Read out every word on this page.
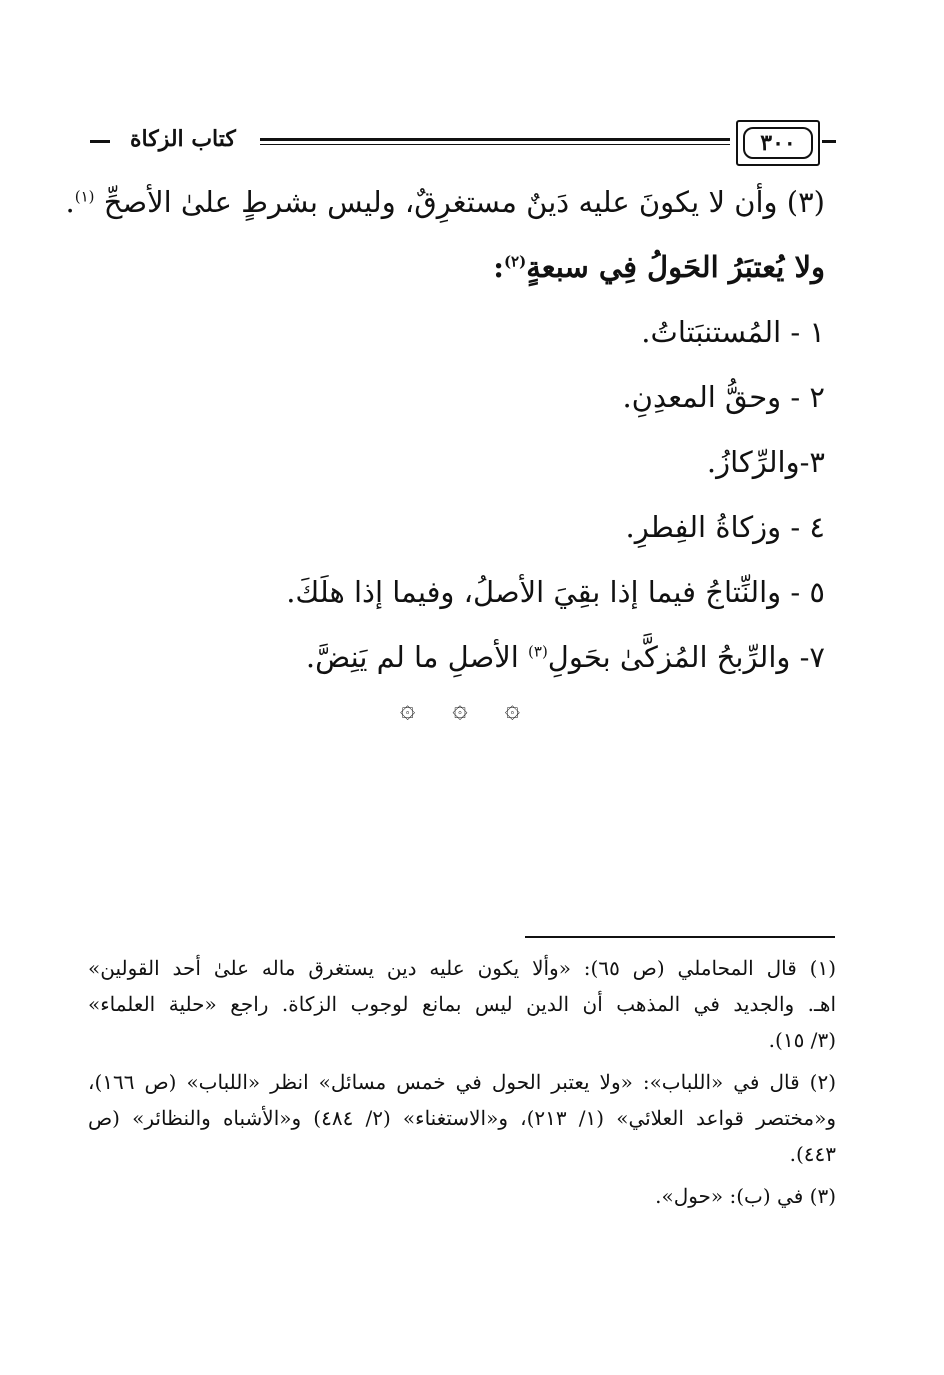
كتاب الزكاة	٣٠٠
(٣) وأن لا يكونَ عليه دَينٌ مستغرِقٌ، وليس بشرطٍ علىٰ الأصحِّ $^{(١)}$.
ولا يُعتبَرُ الحَولُ فِي سبعةٍ$^{(٢)}$:
١ - المُستنبَتاتُ.
٢ - وحقُّ المعدِنِ.
٣-والرِّكازُ.
٤ - وزكاةُ الفِطرِ.
٥ - والنِّتاجُ فيما إذا بقِيَ الأصلُ، وفيما إذا هلَكَ.
٧- والرِّبحُ المُزكَّىٰ بحَولِ$^{(٣)}$ الأصلِ ما لم يَنِضَّ.
۞ ۞ ۞
(١) قال المحاملي (ص ٦٥): «وألا يكون عليه دين يستغرق ماله علىٰ أحد القولين»
اهـ. والجديد في المذهب أن الدين ليس بمانع لوجوب الزكاة. راجع «حلية العلماء»
(٣/ ١٥).
(٢) قال في «اللباب»: «ولا يعتبر الحول في خمس مسائل» انظر «اللباب» (ص ١٦٦)،
و«مختصر قواعد العلائي» (١/ ٢١٣)، و«الاستغناء» (٢/ ٤٨٤) و«الأشباه والنظائر» (ص
٤٤٣).
(٣) في (ب): «حول».
